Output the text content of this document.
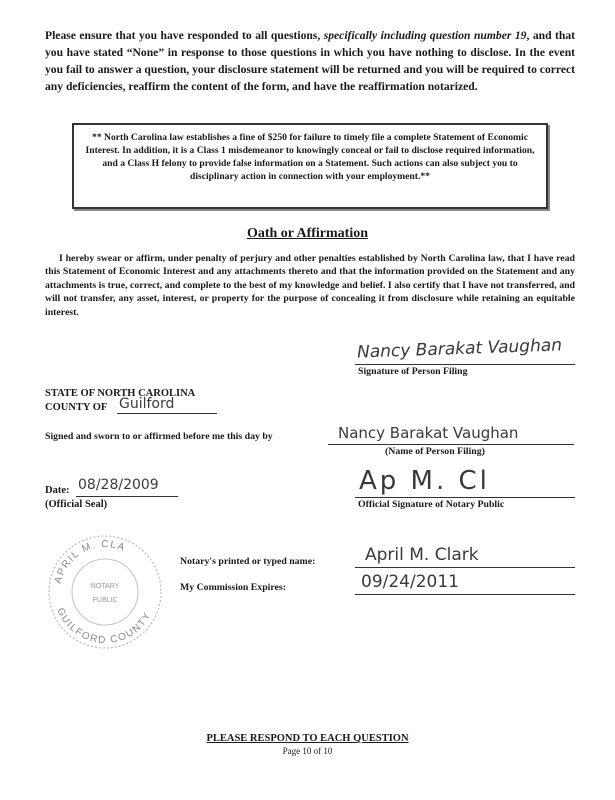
Please ensure that you have responded to all questions, specifically including question number 19, and that you have stated “None” in response to those questions in which you have nothing to disclose. In the event you fail to answer a question, your disclosure statement will be returned and you will be required to correct any deficiencies, reaffirm the content of the form, and have the reaffirmation notarized.
** North Carolina law establishes a fine of $250 for failure to timely file a complete Statement of Economic Interest. In addition, it is a Class 1 misdemeanor to knowingly conceal or fail to disclose required information, and a Class H felony to provide false information on a Statement. Such actions can also subject you to disciplinary action in connection with your employment.**
Oath or Affirmation
I hereby swear or affirm, under penalty of perjury and other penalties established by North Carolina law, that I have read this Statement of Economic Interest and any attachments thereto and that the information provided on the Statement and any attachments is true, correct, and complete to the best of my knowledge and belief. I also certify that I have not transferred, and will not transfer, any asset, interest, or property for the purpose of concealing it from disclosure while retaining an equitable interest.
Nancy Barakat Vaughan
Signature of Person Filing
STATE OF NORTH CAROLINA
COUNTY OF Guilford
Signed and sworn to or affirmed before me this day by	Nancy Barakat Vaughan
(Name of Person Filing)
Date: 08/28/2009
(Official Seal)
Ap M. Cl
Official Signature of Notary Public
APRIL M. CLA
GUILFORD COUNTY
NOTARY
PUBLIC
Notary's printed or typed name:	April M. Clark
My Commission Expires:	09/24/2011
PLEASE RESPOND TO EACH QUESTION
Page 10 of 10
